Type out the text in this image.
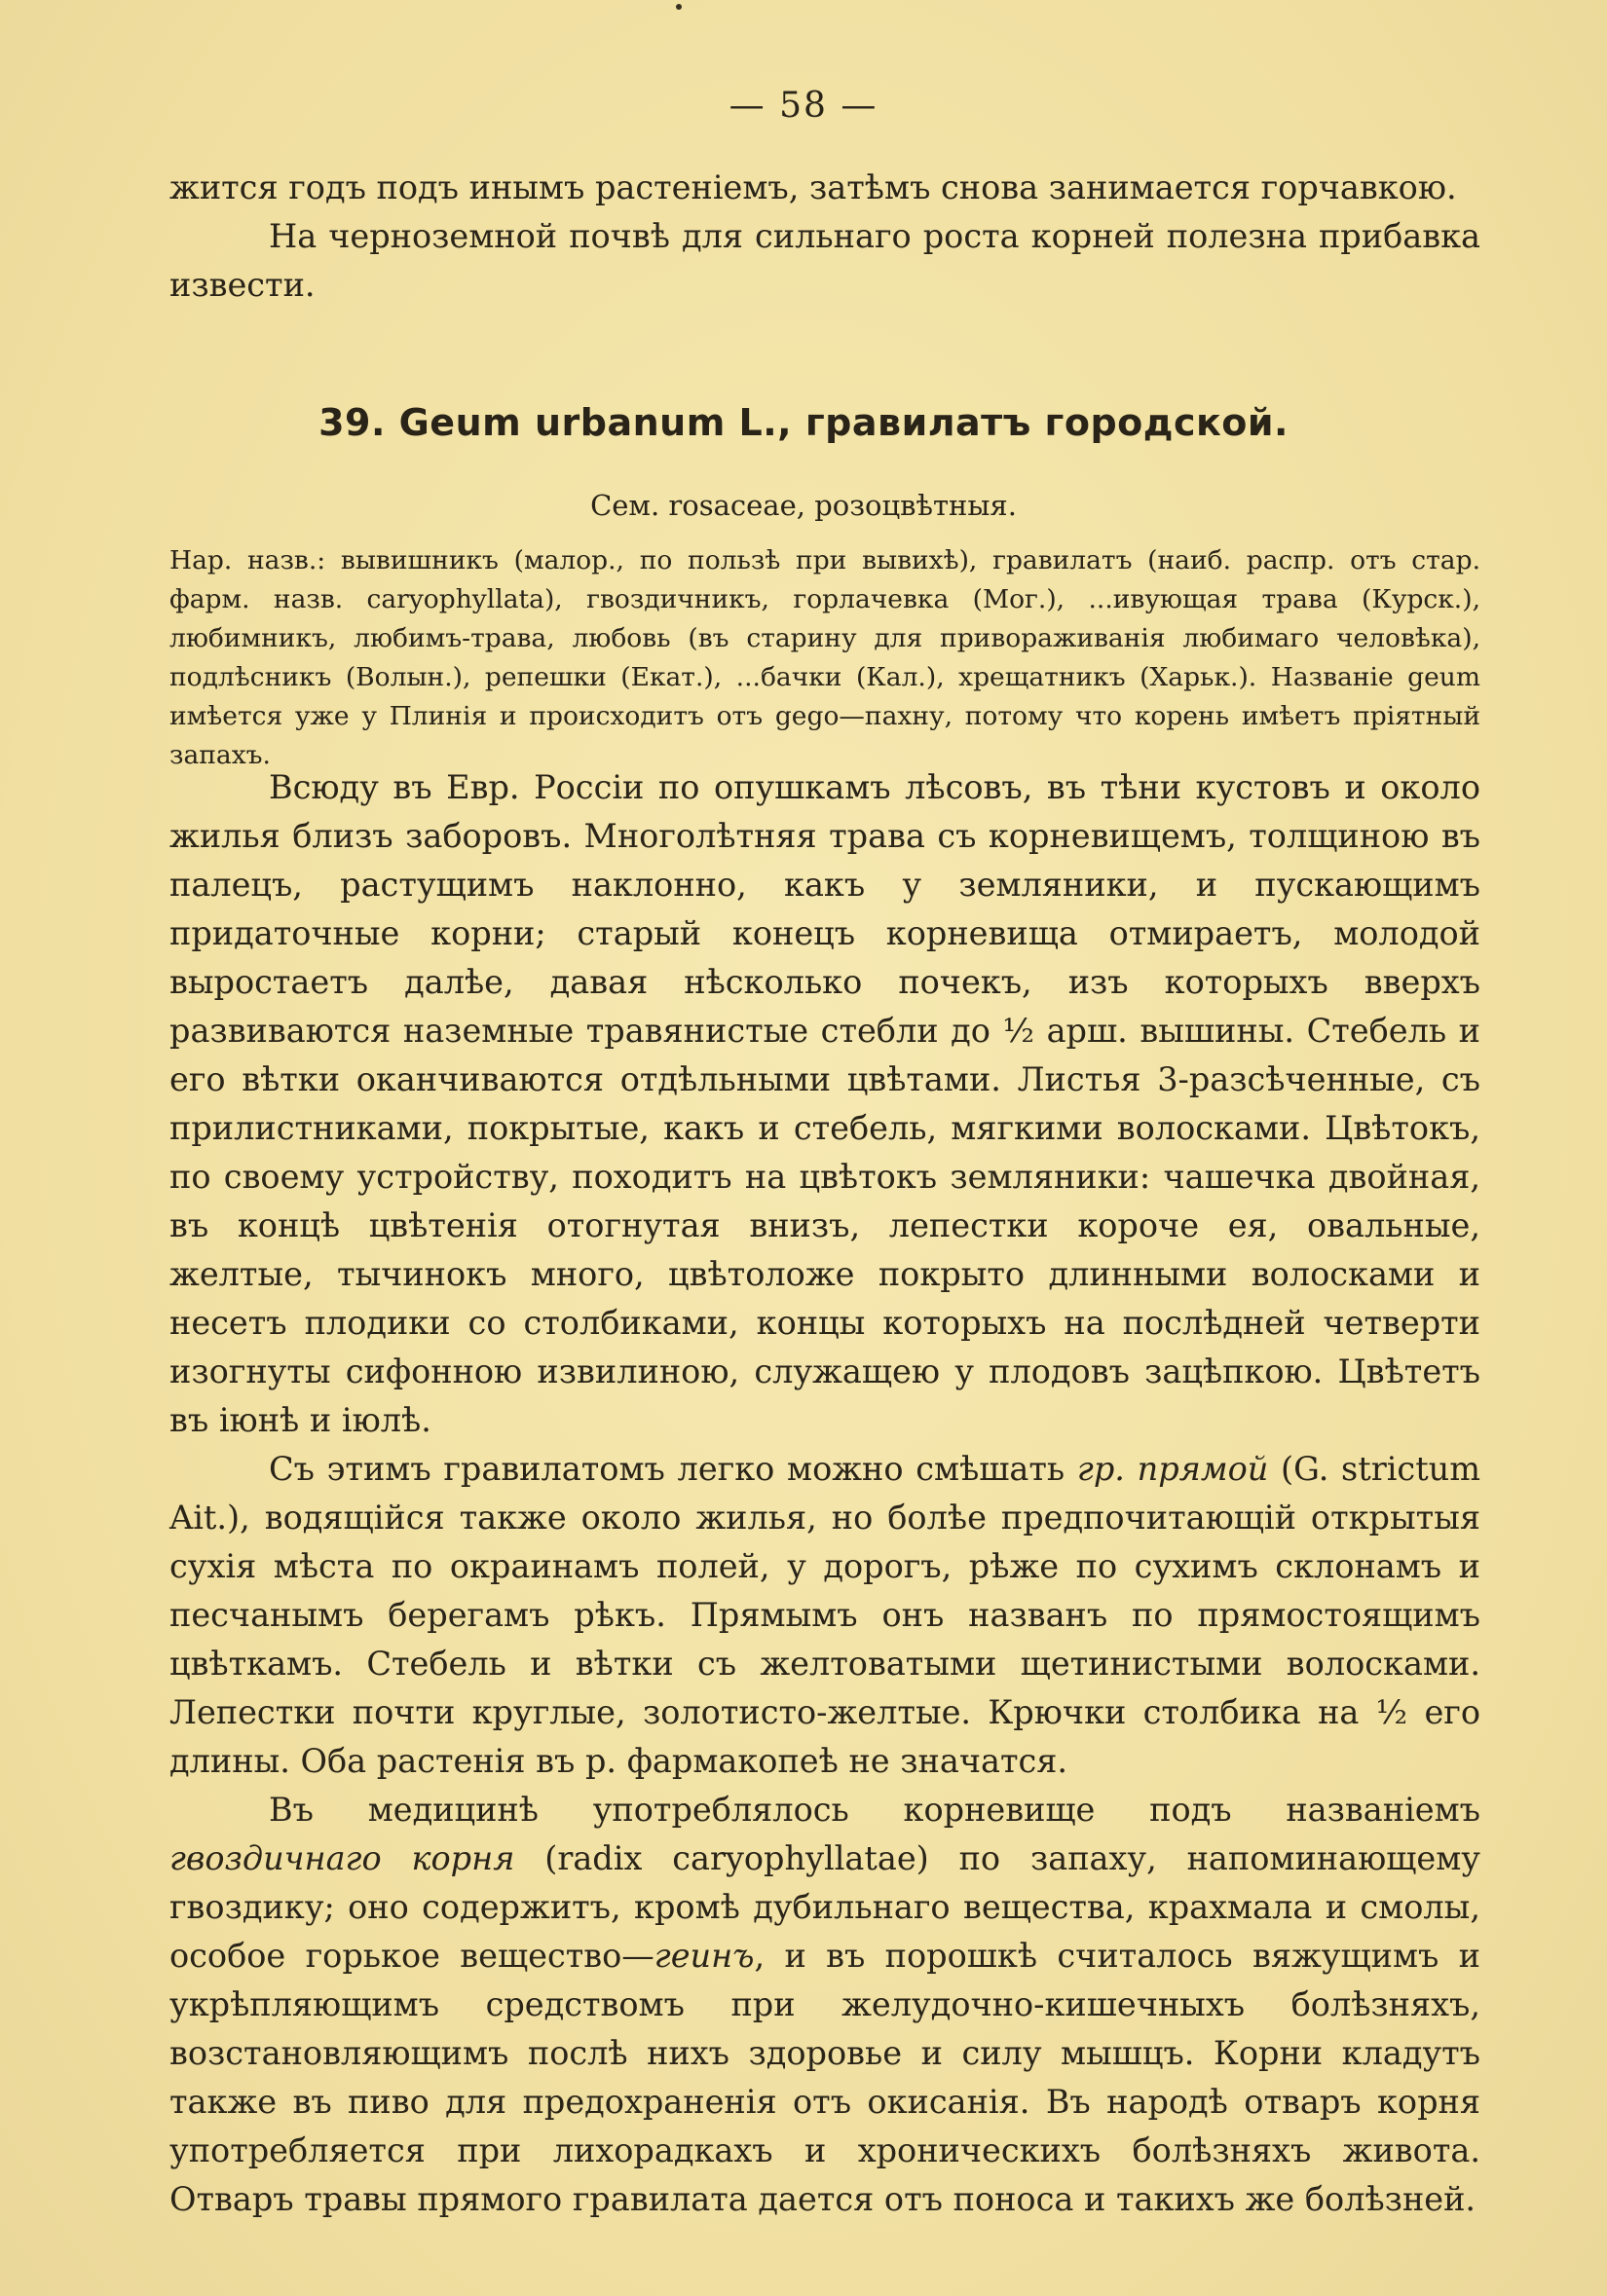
— 58 —

жится годъ подъ инымъ растеніемъ, затѣмъ снова занимается горчавкою.

На черноземной почвѣ для сильнаго роста корней полезна прибавка извести.

39. Geum urbanum L., гравилатъ городской.
Сем. rosaceae, розоцвѣтныя.

Нар. назв.: вывишникъ (малор., по пользѣ при вывихѣ), гравилатъ (наиб. распр. отъ стар. фарм. назв. caryophyllata), гвоздичникъ, горлачевка (Мог.), ...ивующая трава (Курск.), любимникъ, любимъ-трава, любовь (въ старину для привораживанія любимаго человѣка), подлѣсникъ (Волын.), репешки (Екат.), ...бачки (Кал.), хрещатникъ (Харьк.). Названіе geum имѣется уже у Плинія и происходитъ отъ gego—пахну, потому что корень имѣетъ пріятный запахъ.

Всюду въ Евр. Россіи по опушкамъ лѣсовъ, въ тѣни кустовъ и около жилья близъ заборовъ. Многолѣтняя трава съ корневищемъ, толщиною въ палецъ, растущимъ наклонно, какъ у земляники, и пускающимъ придаточные корни; старый конецъ корневища отмираетъ, молодой выростаетъ далѣе, давая нѣсколько почекъ, изъ которыхъ вверхъ развиваются наземные травянистые стебли до ½ арш. вышины. Стебель и его вѣтки оканчиваются отдѣльными цвѣтами. Листья 3-разсѣченные, съ прилистниками, покрытые, какъ и стебель, мягкими волосками. Цвѣтокъ, по своему устройству, походитъ на цвѣтокъ земляники: чашечка двойная, въ концѣ цвѣтенія отогнутая внизъ, лепестки короче ея, овальные, желтые, тычинокъ много, цвѣтоложе покрыто длинными волосками и несетъ плодики со столбиками, концы которыхъ на послѣдней четверти изогнуты сифонною извилиною, служащею у плодовъ зацѣпкою. Цвѣтетъ въ іюнѣ и іюлѣ.

Съ этимъ гравилатомъ легко можно смѣшать гр. прямой (G. strictum Ait.), водящійся также около жилья, но болѣе предпочитающій открытыя сухія мѣста по окраинамъ полей, у дорогъ, рѣже по сухимъ склонамъ и песчанымъ берегамъ рѣкъ. Прямымъ онъ названъ по прямостоящимъ цвѣткамъ. Стебель и вѣтки съ желтоватыми щетинистыми волосками. Лепестки почти круглые, золотисто-желтые. Крючки столбика на ½ его длины. Оба растенія въ р. фармакопеѣ не значатся.

Въ медицинѣ употреблялось корневище подъ названіемъ гвоздичнаго корня (radix caryophyllatae) по запаху, напоминающему гвоздику; оно содержитъ, кромѣ дубильнаго вещества, крахмала и смолы, особое горькое вещество—геинъ, и въ порошкѣ считалось вяжущимъ и укрѣпляющимъ средствомъ при желудочно-кишечныхъ болѣзняхъ, возстановляющимъ послѣ нихъ здоровье и силу мышцъ. Корни кладутъ также въ пиво для предохраненія отъ окисанія. Въ народѣ отваръ корня употребляется при лихорадкахъ и хроническихъ болѣзняхъ живота. Отваръ травы прямого гравилата дается отъ поноса и такихъ же болѣзней.
